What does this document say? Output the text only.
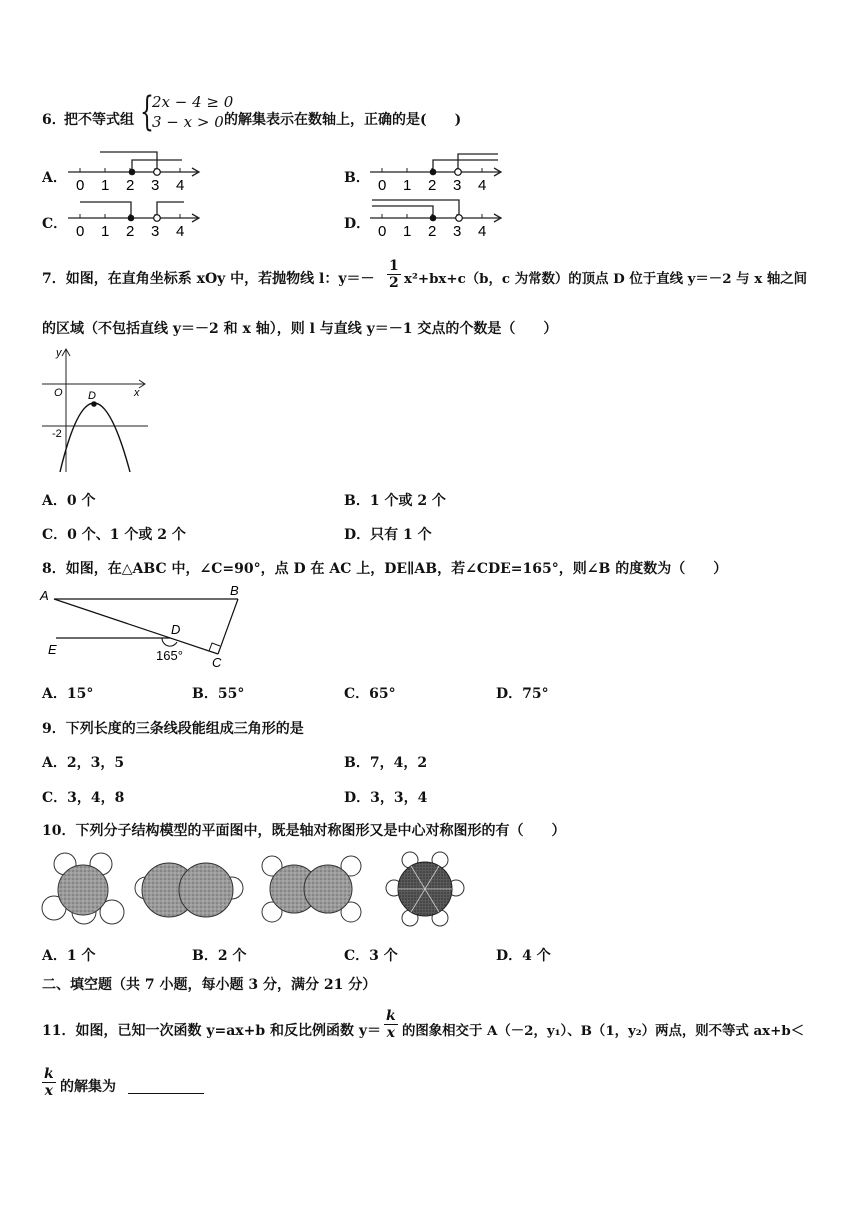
6．
把不等式组 {
2x − 4 ≥ 0
3 − x > 0 的解集表示在数轴上，正确的是(　　)
A． 0 1 2 3 4	B． 0 1 2 3 4
C． 0 1 2 3 4	D． 0 1 2 3 4
7．如图，在直角坐标系 xOy 中，若抛物线 l：$y=- \frac{1}{2} x^2+bx+c(b$，c 为常数）的顶点 D 位于直线 y＝－2 与 x 轴之间
的区域（不包括直线 y＝－2 和 x 轴），则 l 与直线 y＝－1 交点的个数是（　　）
y
x
O D
-2
A．0 个	B．1 个或 2 个
C．0 个、1 个或 2 个	D．只有 1 个
8．如图，在△ABC 中，∠C=90°，点 D 在 AC 上，DE∥AB，若∠CDE=165°，则∠B 的度数为（　　）
A	B
C
D
E	165°
A．15°	B．55°	C．65°	D．75°
9．下列长度的三条线段能组成三角形的是
A．2，3，5	B．7，4，2
C．3，4，8	D．3，3，4
10．下列分子结构模型的平面图中，既是轴对称图形又是中心对称图形的有（　　）
A．1 个	B．2 个	C．3 个	D．4 个
二、填空题（共 7 小题，每小题 3 分，满分 21 分）
11．如图，已知一次函数 y=ax+b 和反比例函数 $y= \frac{k}{x}$ 的图象相交于 A（－2，y₁）、B（1，y₂）两点，则不等式 ax+b＜
$\frac{k}{x}$ 的解集为
